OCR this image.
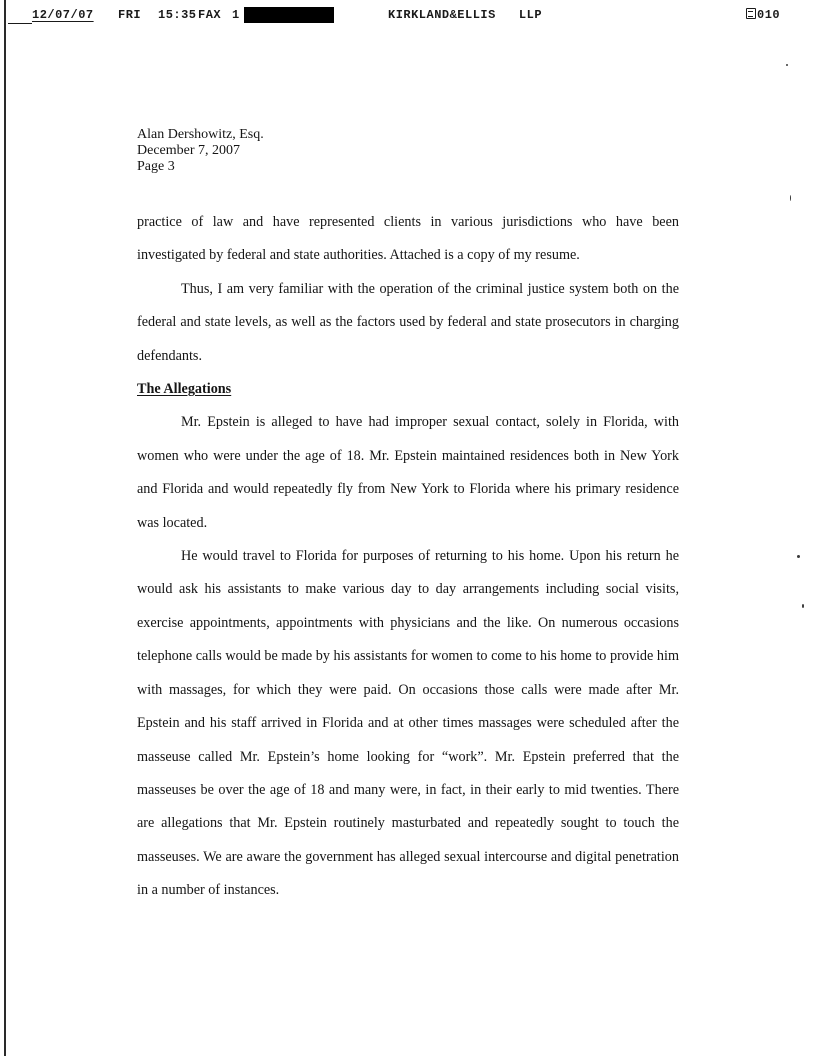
12/07/07 FRI 15:35 FAX 1	KIRKLAND&ELLIS   LLP	010
Alan Dershowitz, Esq.
December 7, 2007
Page 3

practice of law and have represented clients in various jurisdictions who have been investigated by federal and state authorities. Attached is a copy of my resume.

Thus, I am very familiar with the operation of the criminal justice system both on the federal and state levels, as well as the factors used by federal and state prosecutors in charging defendants.

The Allegations

Mr. Epstein is alleged to have had improper sexual contact, solely in Florida, with women who were under the age of 18. Mr. Epstein maintained residences both in New York and Florida and would repeatedly fly from New York to Florida where his primary residence was located.

He would travel to Florida for purposes of returning to his home. Upon his return he would ask his assistants to make various day to day arrangements including social visits, exercise appointments, appointments with physicians and the like. On numerous occasions telephone calls would be made by his assistants for women to come to his home to provide him with massages, for which they were paid. On occasions those calls were made after Mr. Epstein and his staff arrived in Florida and at other times massages were scheduled after the masseuse called Mr. Epstein’s home looking for “work”. Mr. Epstein preferred that the masseuses be over the age of 18 and many were, in fact, in their early to mid twenties. There are allegations that Mr. Epstein routinely masturbated and repeatedly sought to touch the masseuses. We are aware the government has alleged sexual intercourse and digital penetration in a number of instances.
